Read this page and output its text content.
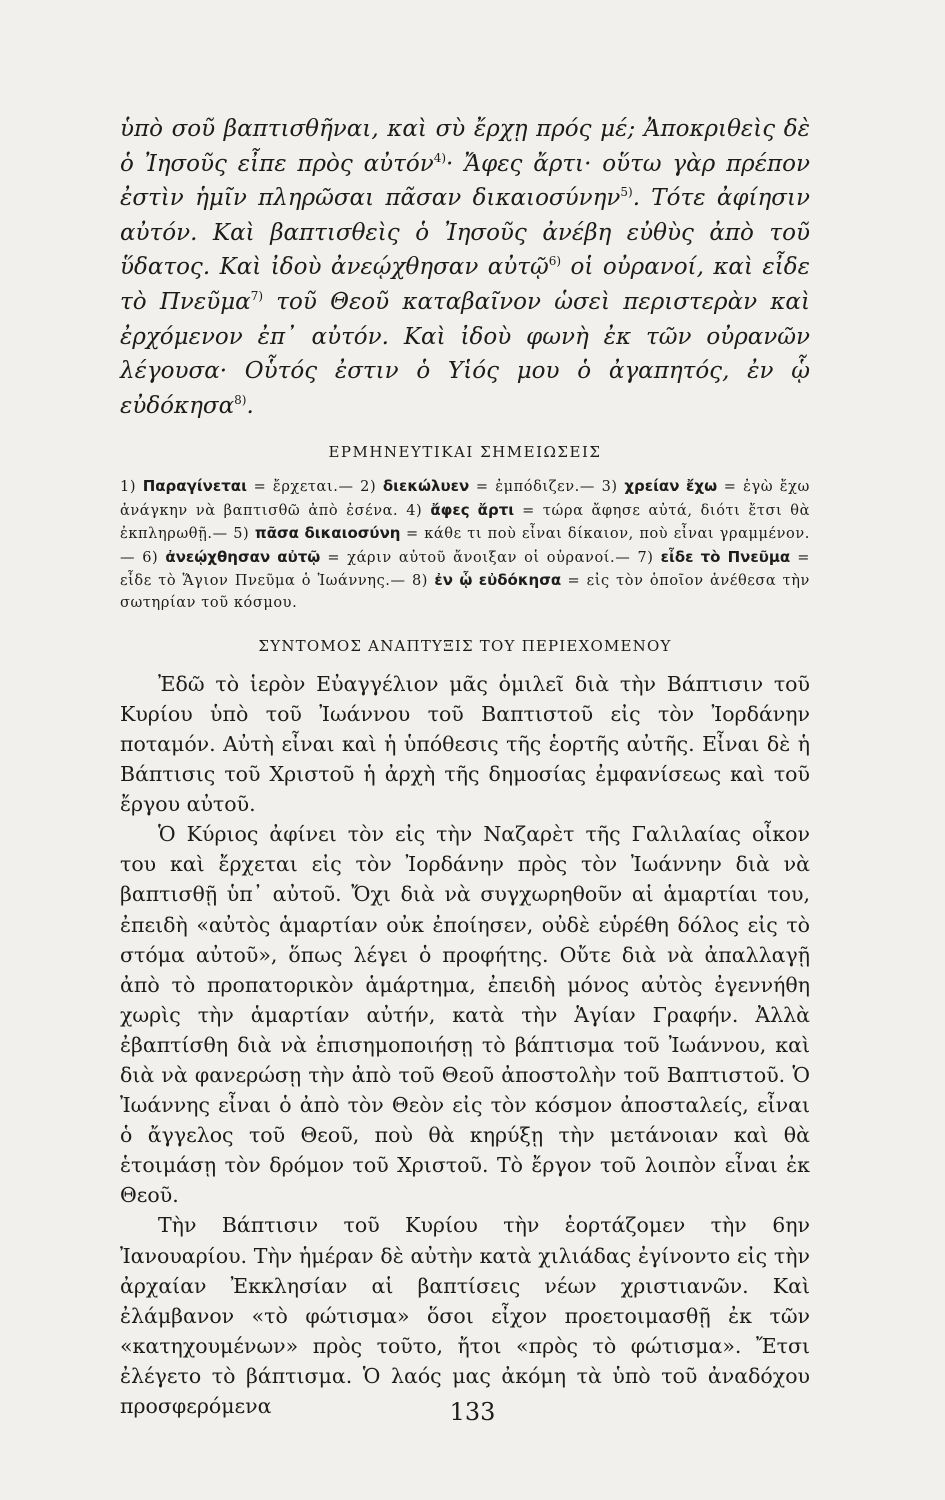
ὑπὸ σοῦ βαπτισθῆναι, καὶ σὺ ἔρχῃ πρός μέ; Ἀποκριθεὶς δὲ ὁ Ἰησοῦς εἶπε πρὸς αὐτόν$^{4)}$· Ἄφες ἄρτι· οὕτω γὰρ πρέπον ἐστὶν ἡμῖν πληρῶσαι πᾶσαν δικαιοσύνην$^{5)}$. Τότε ἀφίησιν αὐτόν. Καὶ βαπτισθεὶς ὁ Ἰησοῦς ἀνέβη εὐθὺς ἀπὸ τοῦ ὕδατος. Καὶ ἰδοὺ ἀνεῴχθησαν αὐτῷ$^{6)}$ οἱ οὐρανοί, καὶ εἶδε τὸ Πνεῦμα$^{7)}$ τοῦ Θεοῦ καταβαῖνον ὡσεὶ περιστερὰν καὶ ἐρχόμενον ἐπ᾽ αὐτόν. Καὶ ἰδοὺ φωνὴ ἐκ τῶν οὐρανῶν λέγουσα· Οὗτός ἐστιν ὁ Υἱός μου ὁ ἀγαπητός, ἐν ᾧ εὐδόκησα$^{8)}$.

ΕΡΜΗΝΕΥΤΙΚΑΙ ΣΗΜΕΙΩΣΕΙΣ

1) Παραγίνεται = ἔρχεται.— 2) διεκώλυεν = ἐμπόδιζεν.— 3) χρείαν ἔχω = ἐγὼ ἔχω ἀνάγκην νὰ βαπτισθῶ ἀπὸ ἐσένα. 4) ἄφες ἄρτι = τώρα ἄφησε αὐτά, διότι ἔτσι θὰ ἐκπληρωθῇ.— 5) πᾶσα δικαιοσύνη = κάθε τι ποὺ εἶναι δίκαιον, ποὺ εἶναι γραμμένον.— 6) ἀνεῴχθησαν αὐτῷ = χάριν αὐτοῦ ἄνοιξαν οἱ οὐρανοί.— 7) εἶδε τὸ Πνεῦμα = εἶδε τὸ Ἅγιον Πνεῦμα ὁ Ἰωάννης.— 8) ἐν ᾧ εὐδόκησα = εἰς τὸν ὁποῖον ἀνέθεσα τὴν σωτηρίαν τοῦ κόσμου.

ΣΥΝΤΟΜΟΣ ΑΝΑΠΤΥΞΙΣ ΤΟΥ ΠΕΡΙΕΧΟΜΕΝΟΥ

Ἐδῶ τὸ ἱερὸν Εὐαγγέλιον μᾶς ὁμιλεῖ διὰ τὴν Βάπτισιν τοῦ Κυρίου ὑπὸ τοῦ Ἰωάννου τοῦ Βαπτιστοῦ εἰς τὸν Ἰορδάνην ποταμόν. Αὐτὴ εἶναι καὶ ἡ ὑπόθεσις τῆς ἑορτῆς αὐτῆς. Εἶναι δὲ ἡ Βάπτισις τοῦ Χριστοῦ ἡ ἀρχὴ τῆς δημοσίας ἐμφανίσεως καὶ τοῦ ἔργου αὐτοῦ.

Ὁ Κύριος ἀφίνει τὸν εἰς τὴν Ναζαρὲτ τῆς Γαλιλαίας οἶκον του καὶ ἔρχεται εἰς τὸν Ἰορδάνην πρὸς τὸν Ἰωάννην διὰ νὰ βαπτισθῇ ὑπ᾽ αὐτοῦ. Ὄχι διὰ νὰ συγχωρηθοῦν αἱ ἁμαρτίαι του, ἐπειδὴ «αὐτὸς ἁμαρτίαν οὐκ ἐποίησεν, οὐδὲ εὑρέθη δόλος εἰς τὸ στόμα αὐτοῦ», ὅπως λέγει ὁ προφήτης. Οὔτε διὰ νὰ ἀπαλλαγῇ ἀπὸ τὸ προπατορικὸν ἁμάρτημα, ἐπειδὴ μόνος αὐτὸς ἐγεννήθη χωρὶς τὴν ἁμαρτίαν αὐτήν, κατὰ τὴν Ἁγίαν Γραφήν. Ἀλλὰ ἐβαπτίσθη διὰ νὰ ἐπισημοποιήσῃ τὸ βάπτισμα τοῦ Ἰωάννου, καὶ διὰ νὰ φανερώσῃ τὴν ἀπὸ τοῦ Θεοῦ ἀποστολὴν τοῦ Βαπτιστοῦ. Ὁ Ἰωάννης εἶναι ὁ ἀπὸ τὸν Θεὸν εἰς τὸν κόσμον ἀποσταλείς, εἶναι ὁ ἄγγελος τοῦ Θεοῦ, ποὺ θὰ κηρύξῃ τὴν μετάνοιαν καὶ θὰ ἑτοιμάσῃ τὸν δρόμον τοῦ Χριστοῦ. Τὸ ἔργον τοῦ λοιπὸν εἶναι ἐκ Θεοῦ.

Τὴν Βάπτισιν τοῦ Κυρίου τὴν ἑορτάζομεν τὴν 6ην Ἰανουαρίου. Τὴν ἡμέραν δὲ αὐτὴν κατὰ χιλιάδας ἐγίνοντο εἰς τὴν ἀρχαίαν Ἐκκλησίαν αἱ βαπτίσεις νέων χριστιανῶν. Καὶ ἐλάμβανον «τὸ φώτισμα» ὅσοι εἶχον προετοιμασθῇ ἐκ τῶν «κατηχουμένων» πρὸς τοῦτο, ἤτοι «πρὸς τὸ φώτισμα». Ἔτσι ἐλέγετο τὸ βάπτισμα. Ὁ λαός μας ἀκόμη τὰ ὑπὸ τοῦ ἀναδόχου προσφερόμενα	133
